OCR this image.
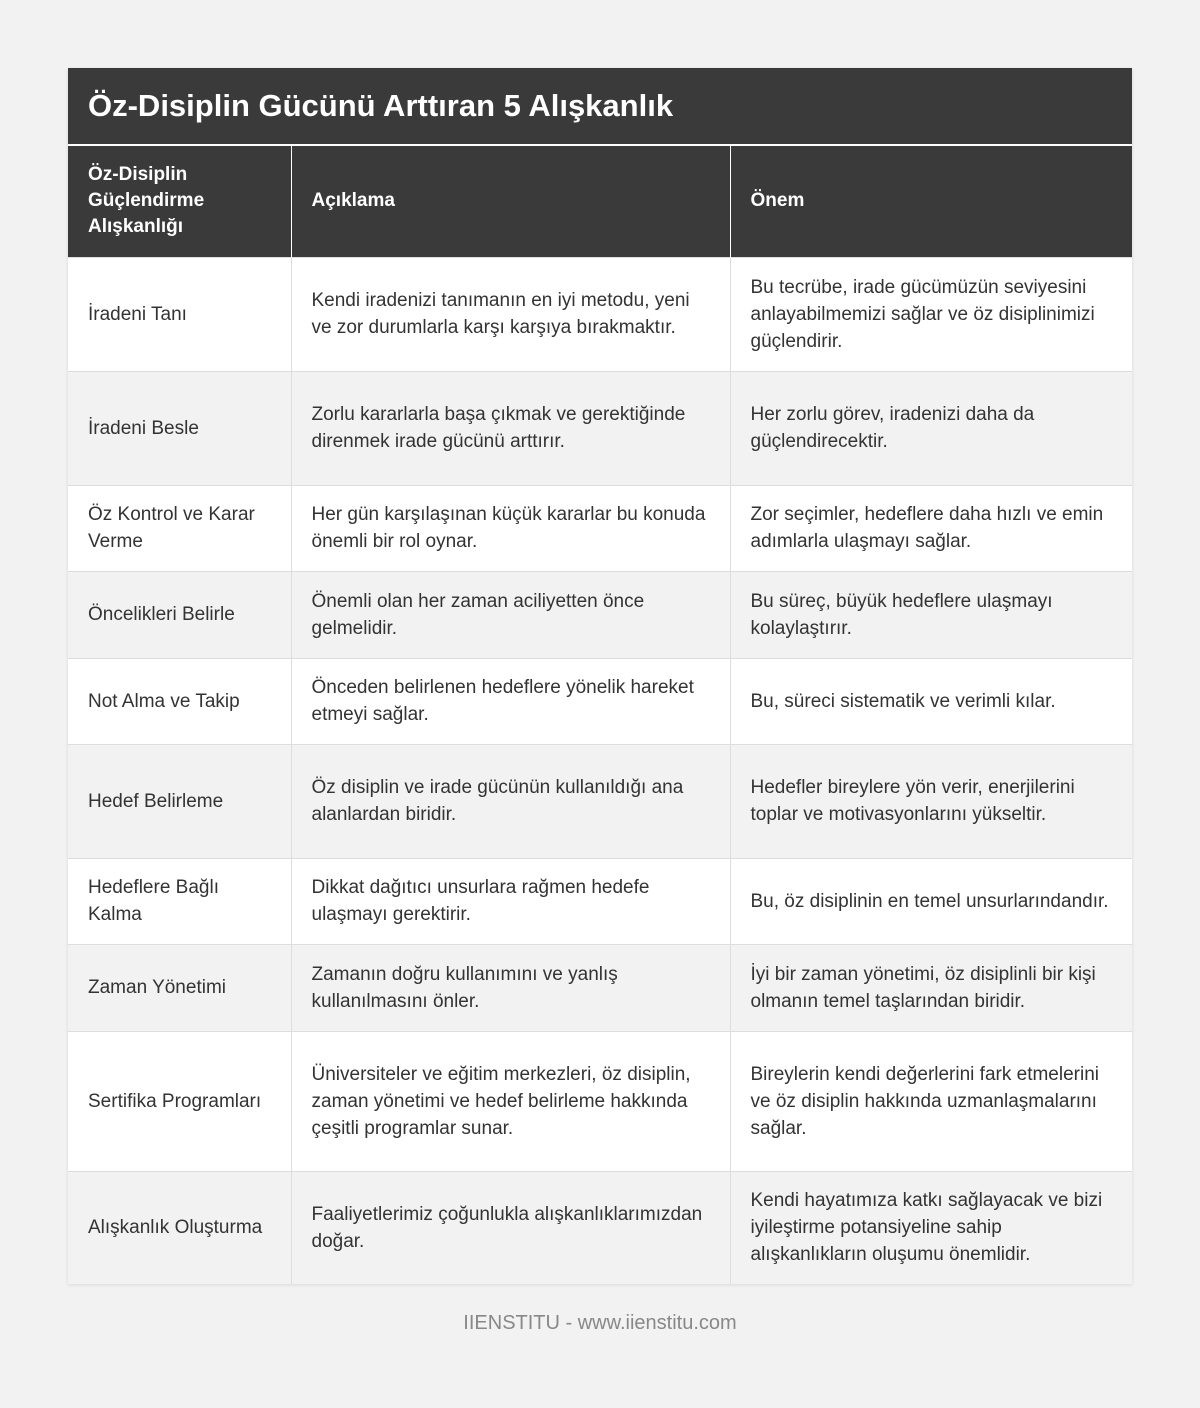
Öz-Disiplin Gücünü Arttıran 5 Alışkanlık
Öz-Disiplin Güçlendirme Alışkanlığı	Açıklama	Önem
İradeni Tanı	Kendi iradenizi tanımanın en iyi metodu, yeni ve zor durumlarla karşı karşıya bırakmaktır.	Bu tecrübe, irade gücümüzün seviyesini anlayabilmemizi sağlar ve öz disiplinimizi güçlendirir.
İradeni Besle	Zorlu kararlarla başa çıkmak ve gerektiğinde direnmek irade gücünü arttırır.	Her zorlu görev, iradenizi daha da güçlendirecektir.
Öz Kontrol ve Karar Verme	Her gün karşılaşınan küçük kararlar bu konuda önemli bir rol oynar.	Zor seçimler, hedeflere daha hızlı ve emin adımlarla ulaşmayı sağlar.
Öncelikleri Belirle	Önemli olan her zaman aciliyetten önce gelmelidir.	Bu süreç, büyük hedeflere ulaşmayı kolaylaştırır.
Not Alma ve Takip	Önceden belirlenen hedeflere yönelik hareket etmeyi sağlar.	Bu, süreci sistematik ve verimli kılar.
Hedef Belirleme	Öz disiplin ve irade gücünün kullanıldığı ana alanlardan biridir.	Hedefler bireylere yön verir, enerjilerini toplar ve motivasyonlarını yükseltir.
Hedeflere Bağlı Kalma	Dikkat dağıtıcı unsurlara rağmen hedefe ulaşmayı gerektirir.	Bu, öz disiplinin en temel unsurlarındandır.
Zaman Yönetimi	Zamanın doğru kullanımını ve yanlış kullanılmasını önler.	İyi bir zaman yönetimi, öz disiplinli bir kişi olmanın temel taşlarından biridir.
Sertifika Programları	Üniversiteler ve eğitim merkezleri, öz disiplin, zaman yönetimi ve hedef belirleme hakkında çeşitli programlar sunar.	Bireylerin kendi değerlerini fark etmelerini ve öz disiplin hakkında uzmanlaşmalarını sağlar.
Alışkanlık Oluşturma	Faaliyetlerimiz çoğunlukla alışkanlıklarımızdan doğar.	Kendi hayatımıza katkı sağlayacak ve bizi iyileştirme potansiyeline sahip alışkanlıkların oluşumu önemlidir.
IIENSTITU - www.iienstitu.com
